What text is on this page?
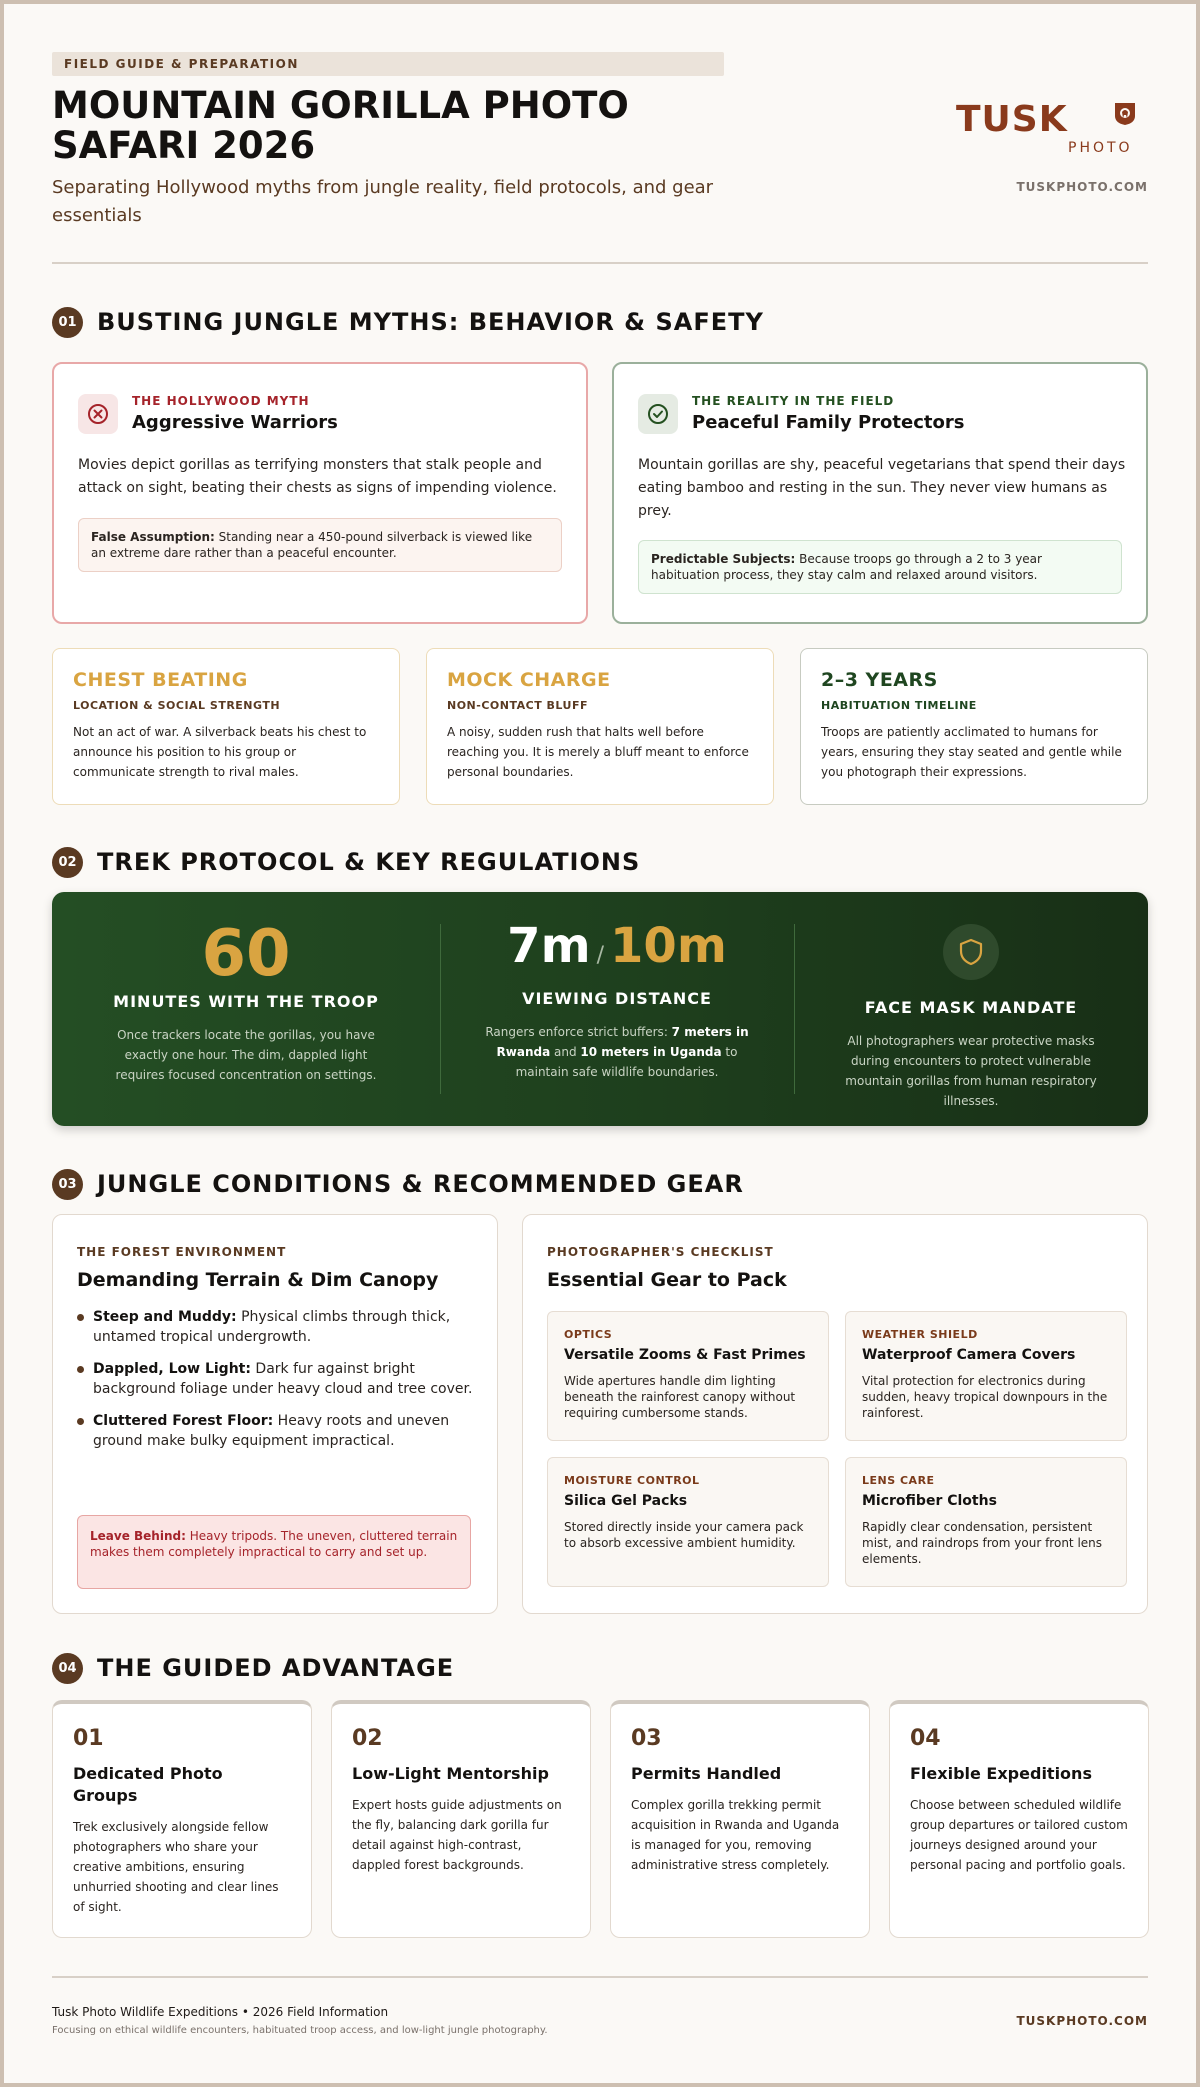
FIELD GUIDE & PREPARATION
MOUNTAIN GORILLA PHOTO SAFARI 2026
Separating Hollywood myths from jungle reality, field protocols, and gear essentials
TUSK
PHOTO
TUSKPHOTO.COM
01 BUSTING JUNGLE MYTHS: BEHAVIOR & SAFETY
THE HOLLYWOOD MYTH
Aggressive Warriors
Movies depict gorillas as terrifying monsters that stalk people and attack on sight, beating their chests as signs of impending violence.
False Assumption: Standing near a 450-pound silverback is viewed like an extreme dare rather than a peaceful encounter.
THE REALITY IN THE FIELD
Peaceful Family Protectors
Mountain gorillas are shy, peaceful vegetarians that spend their days eating bamboo and resting in the sun. They never view humans as prey.
Predictable Subjects: Because troops go through a 2 to 3 year habituation process, they stay calm and relaxed around visitors.
CHEST BEATING
LOCATION & SOCIAL STRENGTH
Not an act of war. A silverback beats his chest to announce his position to his group or communicate strength to rival males.
MOCK CHARGE
NON-CONTACT BLUFF
A noisy, sudden rush that halts well before reaching you. It is merely a bluff meant to enforce personal boundaries.
2–3 YEARS
HABITUATION TIMELINE
Troops are patiently acclimated to humans for years, ensuring they stay seated and gentle while you photograph their expressions.
02 TREK PROTOCOL & KEY REGULATIONS
60
MINUTES WITH THE TROOP
Once trackers locate the gorillas, you have exactly one hour. The dim, dappled light requires focused concentration on settings.
7m / 10m
VIEWING DISTANCE
Rangers enforce strict buffers: 7 meters in Rwanda and 10 meters in Uganda to maintain safe wildlife boundaries.
FACE MASK MANDATE
All photographers wear protective masks during encounters to protect vulnerable mountain gorillas from human respiratory illnesses.
03 JUNGLE CONDITIONS & RECOMMENDED GEAR
THE FOREST ENVIRONMENT
Demanding Terrain & Dim Canopy
Steep and Muddy: Physical climbs through thick, untamed tropical undergrowth.
Dappled, Low Light: Dark fur against bright background foliage under heavy cloud and tree cover.
Cluttered Forest Floor: Heavy roots and uneven ground make bulky equipment impractical.
Leave Behind: Heavy tripods. The uneven, cluttered terrain makes them completely impractical to carry and set up.
PHOTOGRAPHER'S CHECKLIST
Essential Gear to Pack
OPTICS
Versatile Zooms & Fast Primes
Wide apertures handle dim lighting beneath the rainforest canopy without requiring cumbersome stands.
WEATHER SHIELD
Waterproof Camera Covers
Vital protection for electronics during sudden, heavy tropical downpours in the rainforest.
MOISTURE CONTROL
Silica Gel Packs
Stored directly inside your camera pack to absorb excessive ambient humidity.
LENS CARE
Microfiber Cloths
Rapidly clear condensation, persistent mist, and raindrops from your front lens elements.
04 THE GUIDED ADVANTAGE
01
Dedicated Photo Groups
Trek exclusively alongside fellow photographers who share your creative ambitions, ensuring unhurried shooting and clear lines of sight.
02
Low-Light Mentorship
Expert hosts guide adjustments on the fly, balancing dark gorilla fur detail against high-contrast, dappled forest backgrounds.
03
Permits Handled
Complex gorilla trekking permit acquisition in Rwanda and Uganda is managed for you, removing administrative stress completely.
04
Flexible Expeditions
Choose between scheduled wildlife group departures or tailored custom journeys designed around your personal pacing and portfolio goals.
Tusk Photo Wildlife Expeditions • 2026 Field Information
Focusing on ethical wildlife encounters, habituated troop access, and low-light jungle photography.
TUSKPHOTO.COM
